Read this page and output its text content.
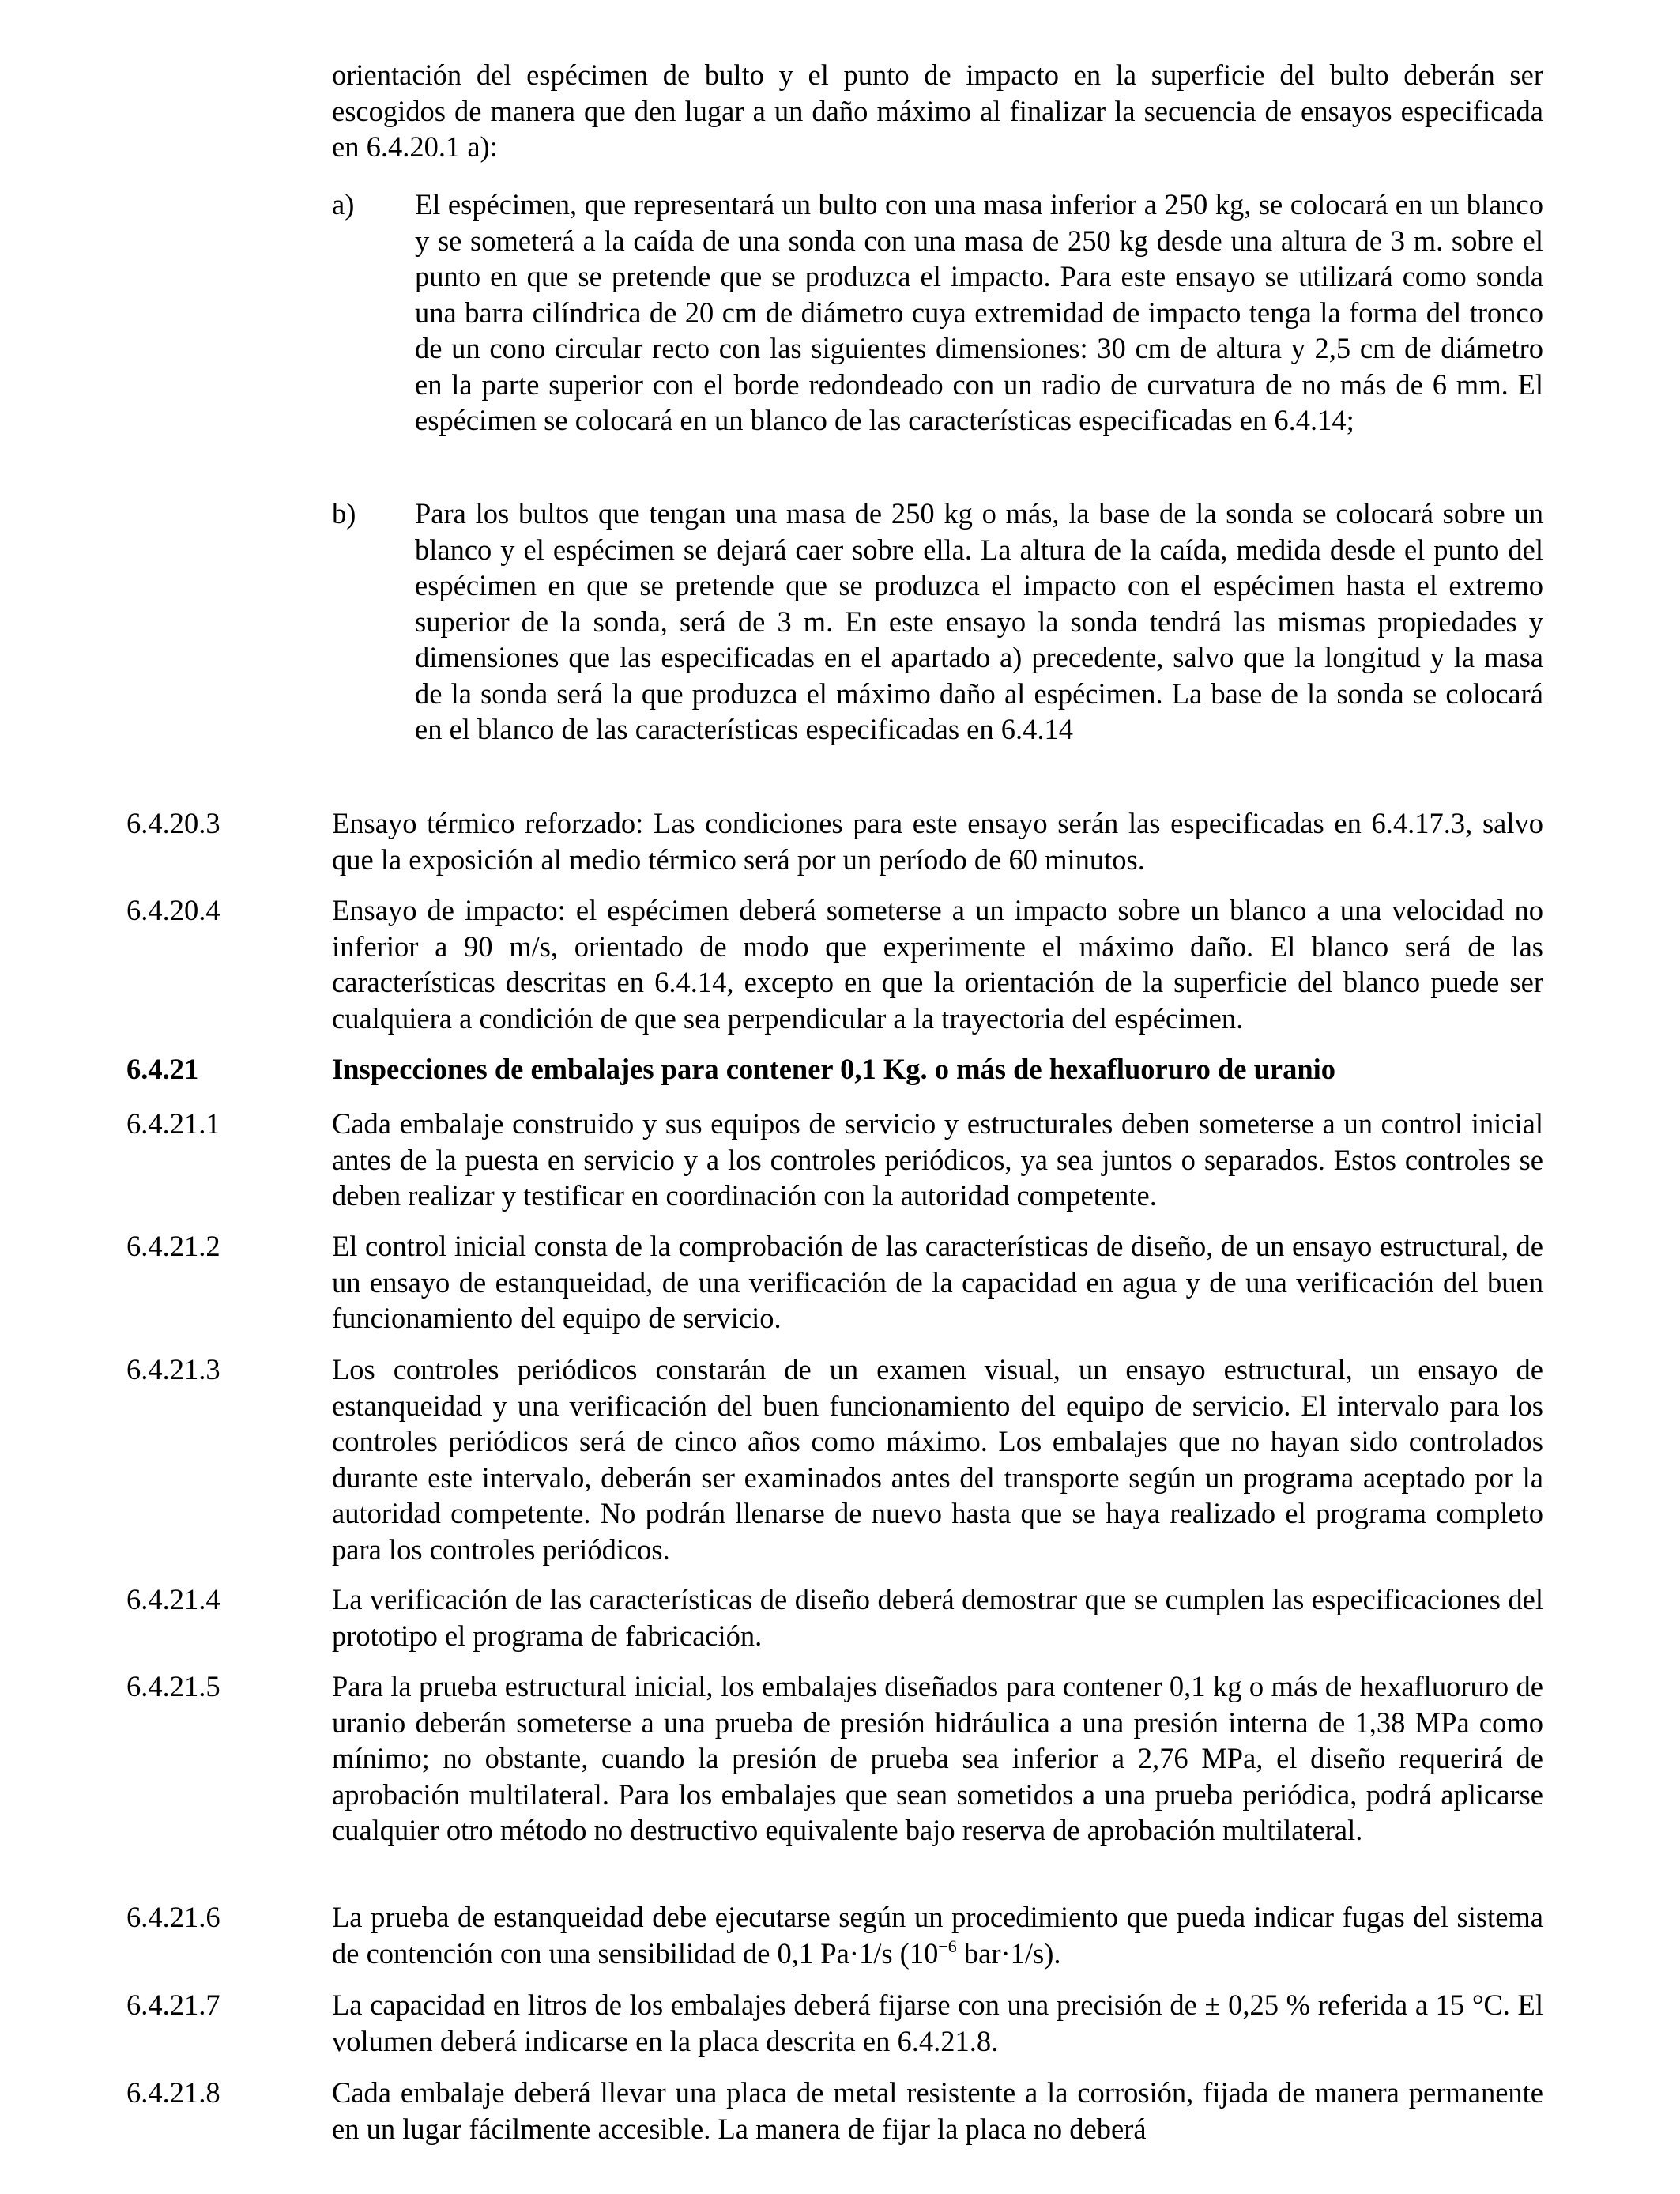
orientación del espécimen de bulto y el punto de impacto en la superficie del bulto deberán ser escogidos de manera que den lugar a un daño máximo al finalizar la secuencia de ensayos especificada en 6.4.20.1 a):
a) El espécimen, que representará un bulto con una masa inferior a 250 kg, se colocará en un blanco y se someterá a la caída de una sonda con una masa de 250 kg desde una altura de 3 m. sobre el punto en que se pretende que se produzca el impacto. Para este ensayo se utilizará como sonda una barra cilíndrica de 20 cm de diámetro cuya extremidad de impacto tenga la forma del tronco de un cono circular recto con las siguientes dimensiones: 30 cm de altura y 2,5 cm de diámetro en la parte superior con el borde redondeado con un radio de curvatura de no más de 6 mm. El espécimen se colocará en un blanco de las características especificadas en 6.4.14;
b) Para los bultos que tengan una masa de 250 kg o más, la base de la sonda se colocará sobre un blanco y el espécimen se dejará caer sobre ella. La altura de la caída, medida desde el punto del espécimen en que se pretende que se produzca el impacto con el espécimen hasta el extremo superior de la sonda, será de 3 m. En este ensayo la sonda tendrá las mismas propiedades y dimensiones que las especificadas en el apartado a) precedente, salvo que la longitud y la masa de la sonda será la que produzca el máximo daño al espécimen. La base de la sonda se colocará en el blanco de las características especificadas en 6.4.14
6.4.20.3	Ensayo térmico reforzado: Las condiciones para este ensayo serán las especificadas en 6.4.17.3, salvo que la exposición al medio térmico será por un período de 60 minutos.
6.4.20.4	Ensayo de impacto: el espécimen deberá someterse a un impacto sobre un blanco a una velocidad no inferior a 90 m/s, orientado de modo que experimente el máximo daño. El blanco será de las características descritas en 6.4.14, excepto en que la orientación de la superficie del blanco puede ser cualquiera a condición de que sea perpendicular a la trayectoria del espécimen.
6.4.21	Inspecciones de embalajes para contener 0,1 Kg. o más de hexafluoruro de uranio
6.4.21.1	Cada embalaje construido y sus equipos de servicio y estructurales deben someterse a un control inicial antes de la puesta en servicio y a los controles periódicos, ya sea juntos o separados. Estos controles se deben realizar y testificar en coordinación con la autoridad competente.
6.4.21.2	El control inicial consta de la comprobación de las características de diseño, de un ensayo estructural, de un ensayo de estanqueidad, de una verificación de la capacidad en agua y de una verificación del buen funcionamiento del equipo de servicio.
6.4.21.3	Los controles periódicos constarán de un examen visual, un ensayo estructural, un ensayo de estanqueidad y una verificación del buen funcionamiento del equipo de servicio. El intervalo para los controles periódicos será de cinco años como máximo. Los embalajes que no hayan sido controlados durante este intervalo, deberán ser examinados antes del transporte según un programa aceptado por la autoridad competente. No podrán llenarse de nuevo hasta que se haya realizado el programa completo para los controles periódicos.
6.4.21.4	La verificación de las características de diseño deberá demostrar que se cumplen las especificaciones del prototipo el programa de fabricación.
6.4.21.5	Para la prueba estructural inicial, los embalajes diseñados para contener 0,1 kg o más de hexafluoruro de uranio deberán someterse a una prueba de presión hidráulica a una presión interna de 1,38 MPa como mínimo; no obstante, cuando la presión de prueba sea inferior a 2,76 MPa, el diseño requerirá de aprobación multilateral. Para los embalajes que sean sometidos a una prueba periódica, podrá aplicarse cualquier otro método no destructivo equivalente bajo reserva de aprobación multilateral.
6.4.21.6	La prueba de estanqueidad debe ejecutarse según un procedimiento que pueda indicar fugas del sistema de contención con una sensibilidad de 0,1 Pa·1/s ($10^{-6}$ bar·1/s).
6.4.21.7	La capacidad en litros de los embalajes deberá fijarse con una precisión de ± 0,25 % referida a 15 °C. El volumen deberá indicarse en la placa descrita en 6.4.21.8.
6.4.21.8	Cada embalaje deberá llevar una placa de metal resistente a la corrosión, fijada de manera permanente en un lugar fácilmente accesible. La manera de fijar la placa no deberá
